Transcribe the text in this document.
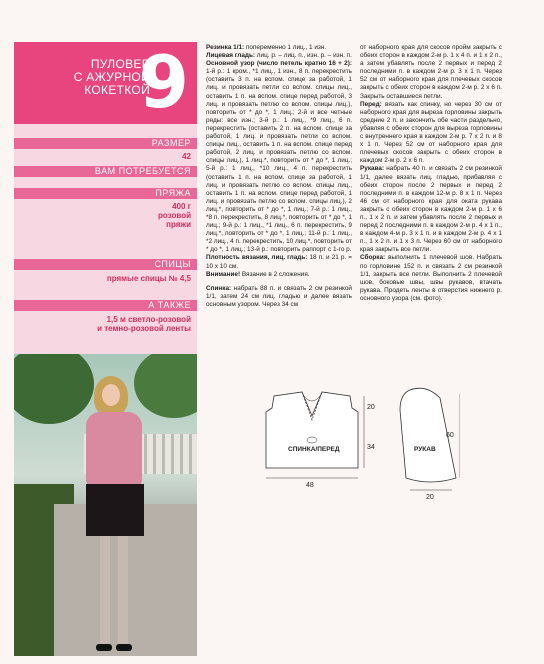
ПУЛОВЕР
С АЖУРНОЙ
КОКЕТКОЙ
9
РАЗМЕР
42
ВАМ ПОТРЕБУЕТСЯ
ПРЯЖА
400 г
розовой
пряжи
СПИЦЫ
прямые спицы № 4,5
А ТАКЖЕ
1,5 м светло-розовой
и темно-розовой ленты

Резинка 1/1: попеременно 1 лиц., 1 изн.

Лицевая гладь: лиц. р. – лиц. п., изн. р. – изн. п.

Основной узор (число петель кратно 16 + 2): 1-й р.: 1 кром., *1 лиц., 1 изн., 8 п. перекрестить (оставить 3 п. на вспом. спице за работой, 1 лиц. и провязать петли со вспом. спицы лиц., оставить 1 п. на вспом. спице перед работой, 3 лиц. и провязать петлю со вспом. спицы лиц.), повторить от * до *, 1 лиц.; 2-й и все четные ряды: все изн.; 3-й р.: 1 лиц., *9 лиц., 6 п. перекрестить (оставить 2 п. на вспом. спице за работой, 1 лиц. и провязать петли со вспом. спицы лиц., оставить 1 п. на вспом. спице перед работой, 2 лиц. и провязать петлю со вспом. спицы лиц.), 1 лиц.*, повторить от * до *, 1 лиц.; 5-й р.: 1 лиц., *10 лиц., 4 п. перекрестить (оставить 1 п. на вспом. спице за работой, 1 лиц. и провязать петлю со вспом. спицы лиц., оставить 1 п. на вспом. спице перед работой, 1 лиц. и провязать петлю со вспом. спицы лиц.), 2 лиц.*, повторить от * до *, 1 лиц.; 7-й р.: 1 лиц., *8 п. перекрестить, 8 лиц.*, повторить от * до *, 1 лиц.; 9-й р.: 1 лиц., *1 лиц., 6 п. перекрестить, 9 лиц.*, повторить от * до *, 1 лиц.; 11-й р.: 1 лиц., *2 лиц., 4 п. перекрестить, 10 лиц.*, повторить от * до *, 1 лиц.; 13-й р.: повторить раппорт с 1-го р.

Плотность вязания, лиц. гладь: 18 п. и 21 р. = 10 х 10 см.

Внимание! Вязание в 2 сложения.

Спинка: набрать 88 п. и связать 2 см резинкой 1/1, затем 24 см лиц. гладью и далее вязать основным узором. Через 34 см

от наборного края для скосов пройм закрыть с обеих сторон в каждом 2-м р. 1 х 4 п. и 1 х 2 п., а затем убавлять после 2 первых и перед 2 последними п. в каждом 2-м р. 3 х 1 п. Через 52 см от наборного края для плечевых скосов закрыть с обеих сторон в каждом 2-м р. 2 х 6 п. Закрыть оставшиеся петли.

Перед: вязать как спинку, но через 30 см от наборного края для выреза горловины закрыть средние 2 п. и закончить обе части раздельно, убавляя с обеих сторон для выреза горловины с внутреннего края в каждом 2-м р. 7 х 2 п. и 8 х 1 п. Через 52 см от наборного края для плечевых скосов закрыть с обеих сторон в каждом 2-м р. 2 х 6 п.

Рукава: набрать 40 п. и связать 2 см резинкой 1/1, далее вязать лиц. гладью, прибавляя с обеих сторон после 2 первых и перед 2 последними п. в каждом 12-м р. 8 х 1 п. Через 46 см от наборного края для оката рукава закрыть с обеих сторон в каждом 2-м р. 1 х 6 п., 1 х 2 п. и затем убавлять после 2 первых и перед 2 последними п. в каждом 2-м р. 4 х 1 п., в каждом 4-м р. 3 х 1 п. и в каждом 2-м р. 4 х 1 п., 1 х 2 п. и 1 х 3 п. Через 60 см от наборного края закрыть все петли.

Сборка: выполнить 1 плечевой шов. Набрать по горловине 152 п. и связать 2 см резинкой 1/1, закрыть все петли. Выполнить 2 плечевой шов, боковые швы, швы рукавов, втачать рукава. Продеть ленты в отверстия нижнего р. основного узора (см. фото).

СПИНКА/ПЕРЕД	РУКАВ
20
34
48
60
20
